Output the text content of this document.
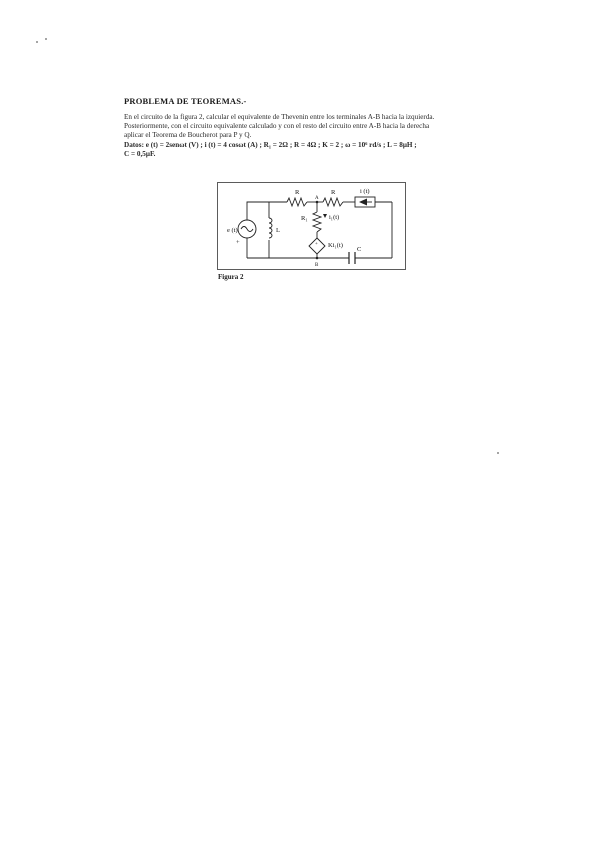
PROBLEMA DE TEOREMAS.-

En el circuito de la figura 2, calcular el equivalente de Thevenin entre los terminales A-B hacia la izquierda.

Posteriormente, con el circuito equivalente calculado y con el resto del circuito entre A-B hacia la derecha

aplicar el Teorema de Boucherot para P y Q.

Datos: e (t) = 2senωt (V) ; i (t) = 4 cosωt (A) ; R₁ = 2Ω ; R = 4Ω ; K = 2 ; ω = 10⁶ rd/s ; L = 8μH ;

C = 0,5μF.

e (t)
+
L
R
A
R	i (t)
R₁	i₁(t)
+ Ki₁(t)
B
C
Figura 2
